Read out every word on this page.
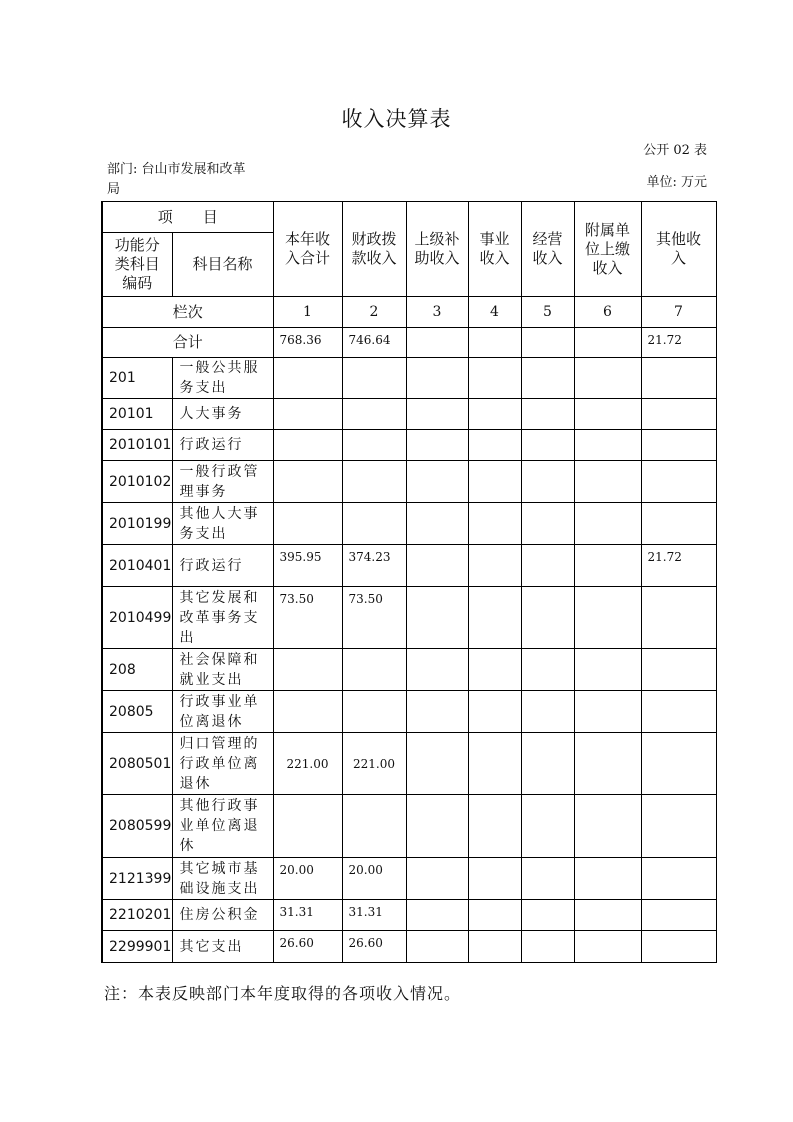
收入决算表
公开 02 表
部门: 台山市发展和改革局	单位: 万元
项　　目		本年收入合计	财政拨款收入	上级补助收入	事业收入	经营收入	附属单位上缴收入	其他收入

功能分类科目编码	科目名称							
栏次		1	2	3	4	5	6	7
合计		768.36	746.64					21.72
201	一般公共服务支出							

20101	人大事务							

2010101	行政运行							

2010102	一般行政管理事务							

2010199	其他人大事务支出							

2010401	行政运行	395.95	374.23					21.72
2010499	其它发展和改革事务支出	73.50	73.50					
208	社会保障和就业支出							

20805	行政事业单位离退休							

2080501	归口管理的行政单位离退休	221.00	221.00					
2080599	其他行政事业单位离退休							

2121399	其它城市基础设施支出	20.00	20.00					
2210201	住房公积金	31.31	31.31					
2299901	其它支出	26.60	26.60					
注：本表反映部门本年度取得的各项收入情况。
